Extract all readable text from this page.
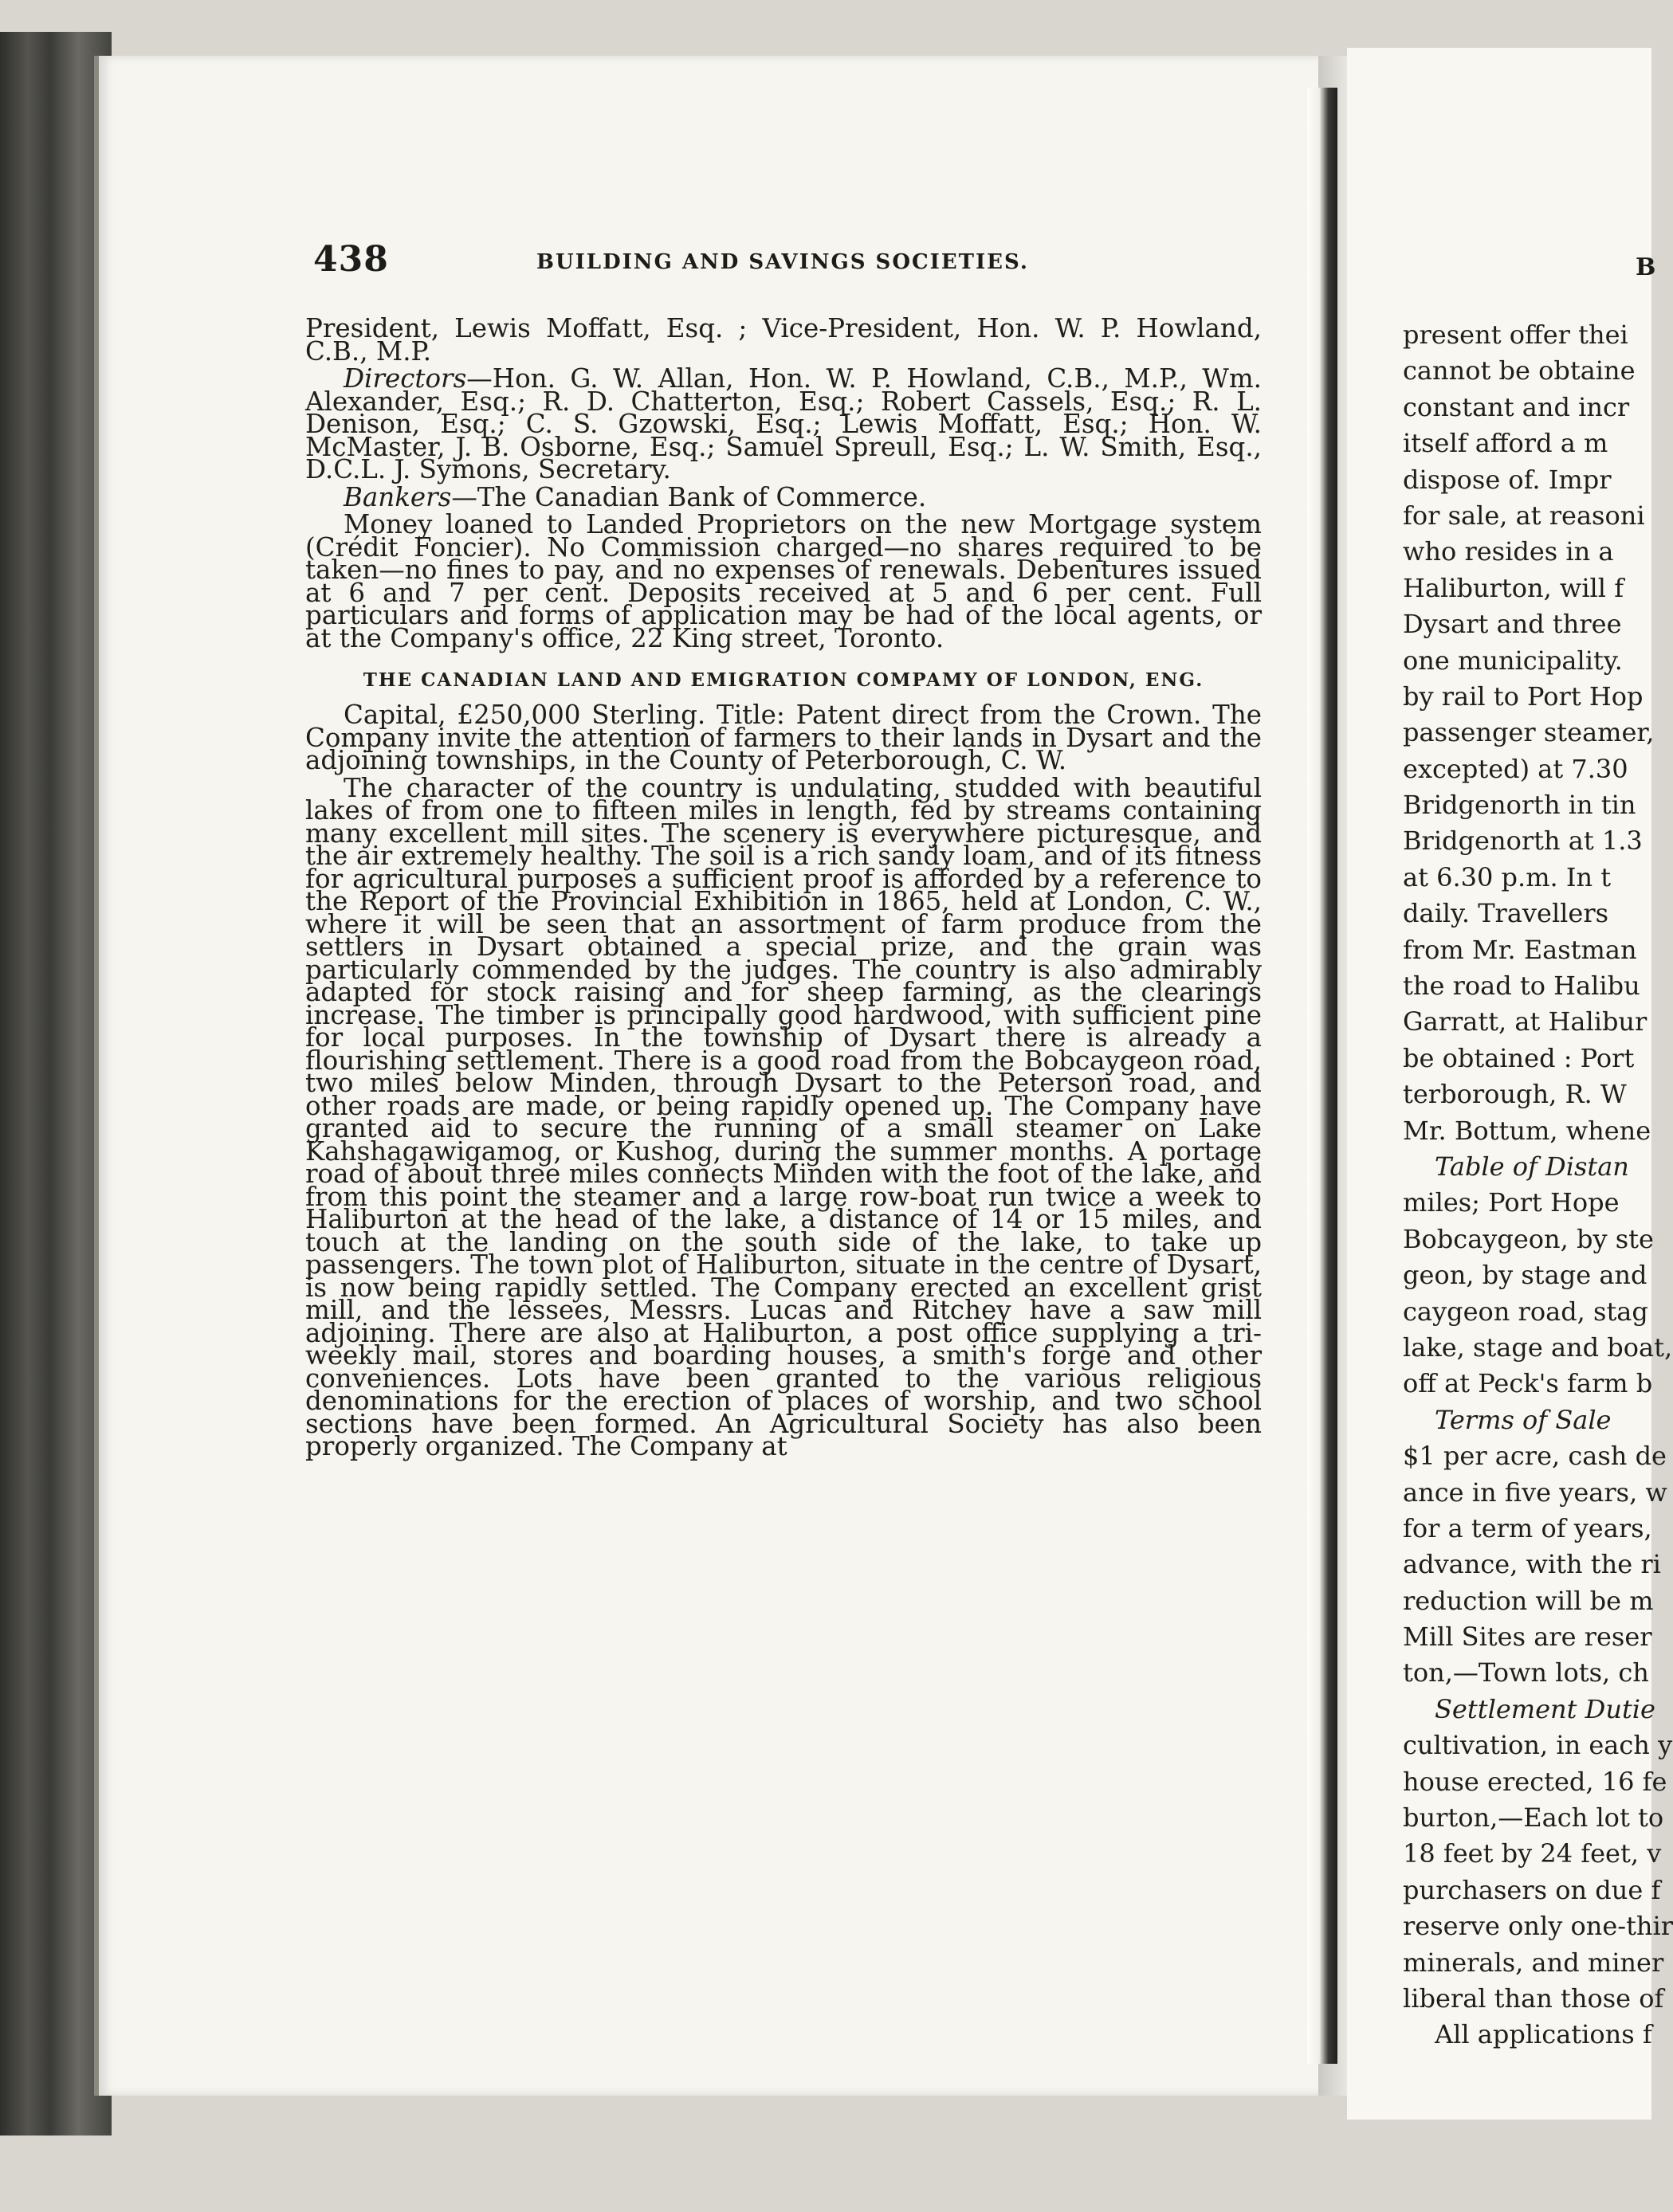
438	BUILDING AND SAVINGS SOCIETIES.	B

President, Lewis Moffatt, Esq. ; Vice-President, Hon. W. P. Howland, C.B., M.P.

Directors—Hon. G. W. Allan, Hon. W. P. Howland, C.B., M.P., Wm. Alexander, Esq.; R. D. Chatterton, Esq.; Robert Cassels, Esq.; R. L. Denison, Esq.; C. S. Gzowski, Esq.; Lewis Moffatt, Esq.; Hon. W. McMaster, J. B. Osborne, Esq.; Samuel Spreull, Esq.; L. W. Smith, Esq., D.C.L. J. Symons, Secretary.

Bankers—The Canadian Bank of Commerce.

Money loaned to Landed Proprietors on the new Mortgage system (Crédit Foncier). No Commission charged—no shares required to be taken—no fines to pay, and no expenses of renewals. Debentures issued at 6 and 7 per cent. Deposits received at 5 and 6 per cent. Full particulars and forms of application may be had of the local agents, or at the Company's office, 22 King street, Toronto.

THE CANADIAN LAND AND EMIGRATION COMPAMY OF LONDON, ENG.

Capital, £250,000 Sterling. Title: Patent direct from the Crown. The Company invite the attention of farmers to their lands in Dysart and the adjoining townships, in the County of Peterborough, C. W.

The character of the country is undulating, studded with beautiful lakes of from one to fifteen miles in length, fed by streams containing many excellent mill sites. The scenery is everywhere picturesque, and the air extremely healthy. The soil is a rich sandy loam, and of its fitness for agricultural purposes a sufficient proof is afforded by a reference to the Report of the Provincial Exhibition in 1865, held at London, C. W., where it will be seen that an assortment of farm produce from the settlers in Dysart obtained a special prize, and the grain was particularly commended by the judges. The country is also admirably adapted for stock raising and for sheep farming, as the clearings increase. The timber is principally good hardwood, with sufficient pine for local purposes. In the township of Dysart there is already a flourishing settlement. There is a good road from the Bobcaygeon road, two miles below Minden, through Dysart to the Peterson road, and other roads are made, or being rapidly opened up. The Company have granted aid to secure the running of a small steamer on Lake Kahshagawigamog, or Kushog, during the summer months. A portage road of about three miles connects Minden with the foot of the lake, and from this point the steamer and a large row-boat run twice a week to Haliburton at the head of the lake, a distance of 14 or 15 miles, and touch at the landing on the south side of the lake, to take up passengers. The town plot of Haliburton, situate in the centre of Dysart, is now being rapidly settled. The Company erected an excellent grist mill, and the lessees, Messrs. Lucas and Ritchey have a saw mill adjoining. There are also at Haliburton, a post office supplying a tri-weekly mail, stores and boarding houses, a smith's forge and other conveniences. Lots have been granted to the various religious denominations for the erection of places of worship, and two school sections have been formed. An Agricultural Society has also been properly organized. The Company at

present offer thei
cannot be obtaine
constant and incr
itself afford a m
dispose of. Impr
for sale, at reasoni
who resides in a
Haliburton, will f
Dysart and three
one municipality.
by rail to Port Hop
passenger steamer,
excepted) at 7.30
Bridgenorth in tin
Bridgenorth at 1.3
at 6.30 p.m. In t
daily. Travellers
from Mr. Eastman
the road to Halibu
Garratt, at Halibur
be obtained : Port
terborough, R. W
Mr. Bottum, whene
Table of Distan
miles; Port Hope
Bobcaygeon, by ste
geon, by stage and
caygeon road, stag
lake, stage and boat,
off at Peck's farm b
Terms of Sale
$1 per acre, cash de
ance in five years, w
for a term of years,
advance, with the ri
reduction will be m
Mill Sites are reser
ton,—Town lots, ch
Settlement Dutie
cultivation, in each y
house erected, 16 fe
burton,—Each lot to
18 feet by 24 feet, v
purchasers on due f
reserve only one-thir
minerals, and miner
liberal than those of
All applications f
